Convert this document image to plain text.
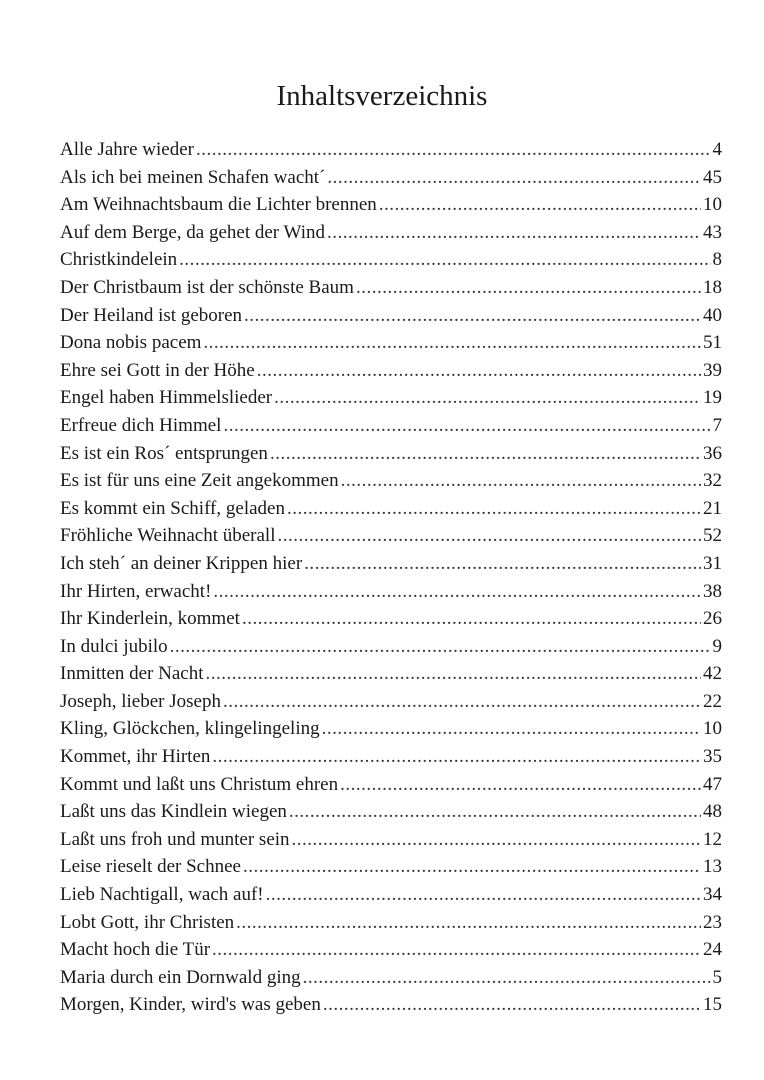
Inhaltsverzeichnis
Alle Jahre wieder .....	4
Als ich bei meinen Schafen wacht´ .....	45
Am Weihnachtsbaum die Lichter brennen .....	10
Auf dem Berge, da gehet der Wind .....	43
Christkindelein .....	8
Der Christbaum ist der schönste Baum .....	18
Der Heiland ist geboren .....	40
Dona nobis pacem .....	51
Ehre sei Gott in der Höhe .....	39
Engel haben Himmelslieder .....	19
Erfreue dich Himmel .....	7
Es ist ein Ros´ entsprungen .....	36
Es ist für uns eine Zeit angekommen .....	32
Es kommt ein Schiff, geladen .....	21
Fröhliche Weihnacht überall .....	52
Ich steh´ an deiner Krippen hier .....	31
Ihr Hirten, erwacht! .....	38
Ihr Kinderlein, kommet .....	26
In dulci jubilo .....	9
Inmitten der Nacht .....	42
Joseph, lieber Joseph .....	22
Kling, Glöckchen, klingelingeling .....	10
Kommet, ihr Hirten .....	35
Kommt und laßt uns Christum ehren .....	47
Laßt uns das Kindlein wiegen .....	48
Laßt uns froh und munter sein .....	12
Leise rieselt der Schnee .....	13
Lieb Nachtigall, wach auf! .....	34
Lobt Gott, ihr Christen .....	23
Macht hoch die Tür .....	24
Maria durch ein Dornwald ging .....	5
Morgen, Kinder, wird's was geben .....	15
